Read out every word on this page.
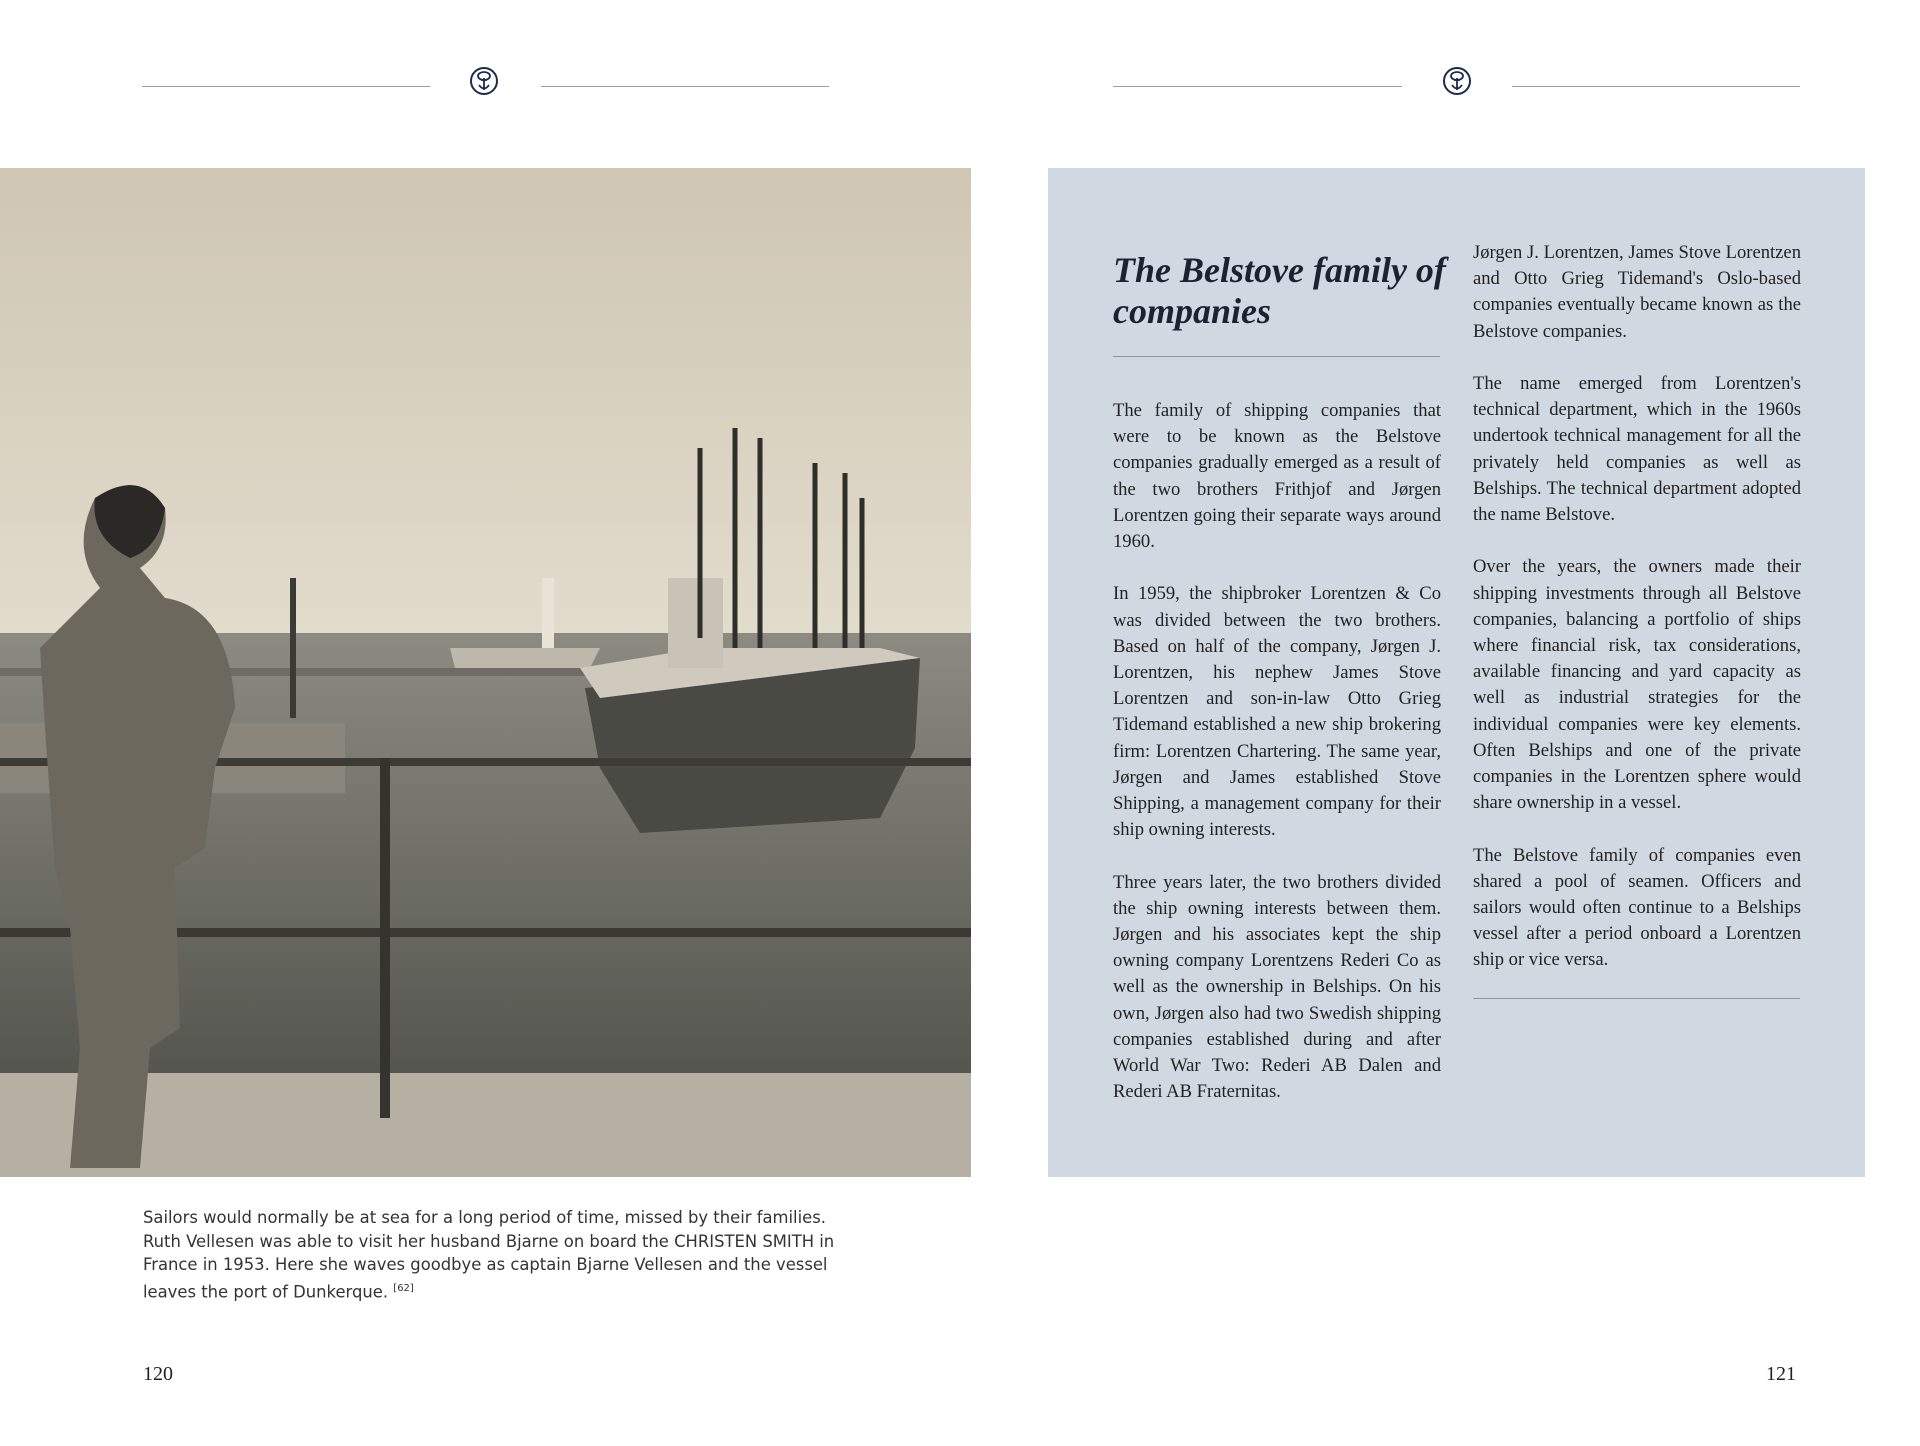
Sailors would normally be at sea for a long period of time, missed by their families. Ruth Vellesen was able to visit her husband Bjarne on board the CHRISTEN SMITH in France in 1953. Here she waves goodbye as captain Bjarne Vellesen and the vessel leaves the port of Dunkerque. [62]
120
The Belstove family of companies

The family of shipping companies that were to be known as the Belstove companies gradually emerged as a result of the two brothers Frithjof and Jørgen Lorentzen going their separate ways around 1960.

In 1959, the shipbroker Lorentzen & Co was divided between the two brothers. Based on half of the company, Jørgen J. Lorentzen, his nephew James Stove Lorentzen and son-in-law Otto Grieg Tidemand established a new ship brokering firm: Lorentzen Chartering. The same year, Jørgen and James established Stove Shipping, a management company for their ship owning interests.

Three years later, the two brothers divided the ship owning interests between them. Jørgen and his associates kept the ship owning company Lorentzens Rederi Co as well as the ownership in Belships. On his own, Jørgen also had two Swedish shipping companies established during and after World War Two: Rederi AB Dalen and Rederi AB Fraternitas.

Jørgen J. Lorentzen, James Stove Lorentzen and Otto Grieg Tidemand's Oslo-based companies eventually became known as the Belstove companies.

The name emerged from Lorentzen's technical department, which in the 1960s undertook technical management for all the privately held companies as well as Belships. The technical department adopted the name Belstove.

Over the years, the owners made their shipping investments through all Belstove companies, balancing a portfolio of ships where financial risk, tax considerations, available financing and yard capacity as well as industrial strategies for the individual companies were key elements. Often Belships and one of the private companies in the Lorentzen sphere would share ownership in a vessel.

The Belstove family of companies even shared a pool of seamen. Officers and sailors would often continue to a Belships vessel after a period onboard a Lorentzen ship or vice versa.

121
